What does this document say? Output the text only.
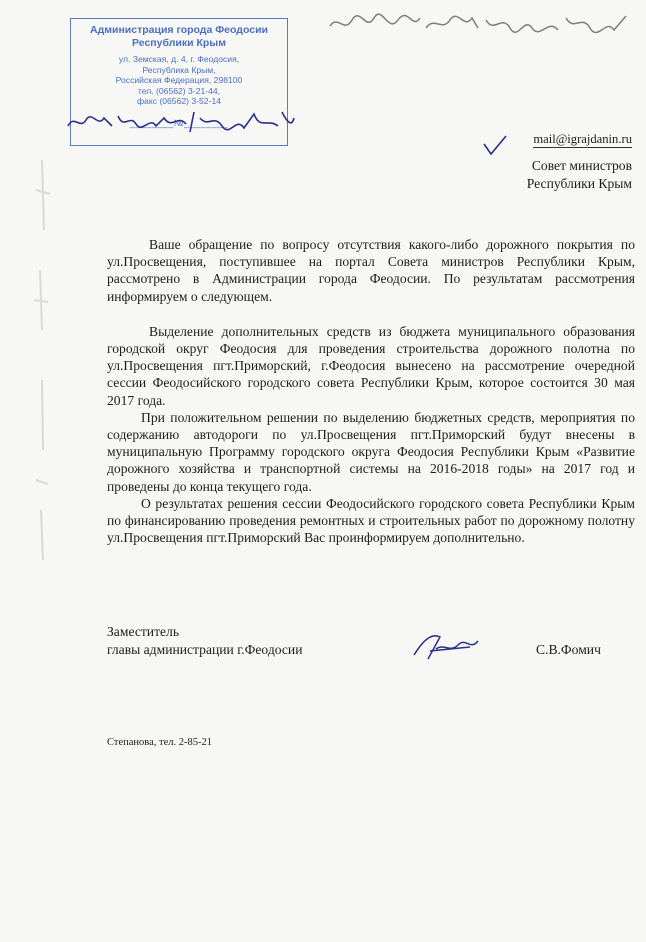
Администрация города Феодосии
Республики Крым
ул. Земская, д. 4, г. Феодосия,
Республика Крым,
Российская Федерация, 298100
тел. (06562) 3-21-44,
факс (06562) 3-52-14
________№________
mail@igrajdanin.ru
Совет министров
Республики Крым

Ваше обращение по вопросу отсутствия какого-либо дорожного покрытия по ул.Просвещения, поступившее на портал Совета министров Республики Крым, рассмотрено в Администрации города Феодосии. По результатам рассмотрения информируем о следующем.

Выделение дополнительных средств из бюджета муниципального образования городской округ Феодосия для проведения строительства дорожного полотна по ул.Просвещения пгт.Приморский, г.Феодосия вынесено на рассмотрение очередной сессии Феодосийского городского совета Республики Крым, которое состоится 30 мая 2017 года.

При положительном решении по выделению бюджетных средств, мероприятия по содержанию автодороги по ул.Просвещения пгт.Приморский будут внесены в муниципальную Программу городского округа Феодосия Республики Крым «Развитие дорожного хозяйства и транспортной системы на 2016-2018 годы» на 2017 год и проведены до конца текущего года.

О результатах решения сессии Феодосийского городского совета Республики Крым по финансированию проведения ремонтных и строительных работ по дорожному полотну ул.Просвещения пгт.Приморский Вас проинформируем дополнительно.

Заместитель
главы администрации г.Феодосии	С.В.Фомич
Степанова, тел. 2-85-21
